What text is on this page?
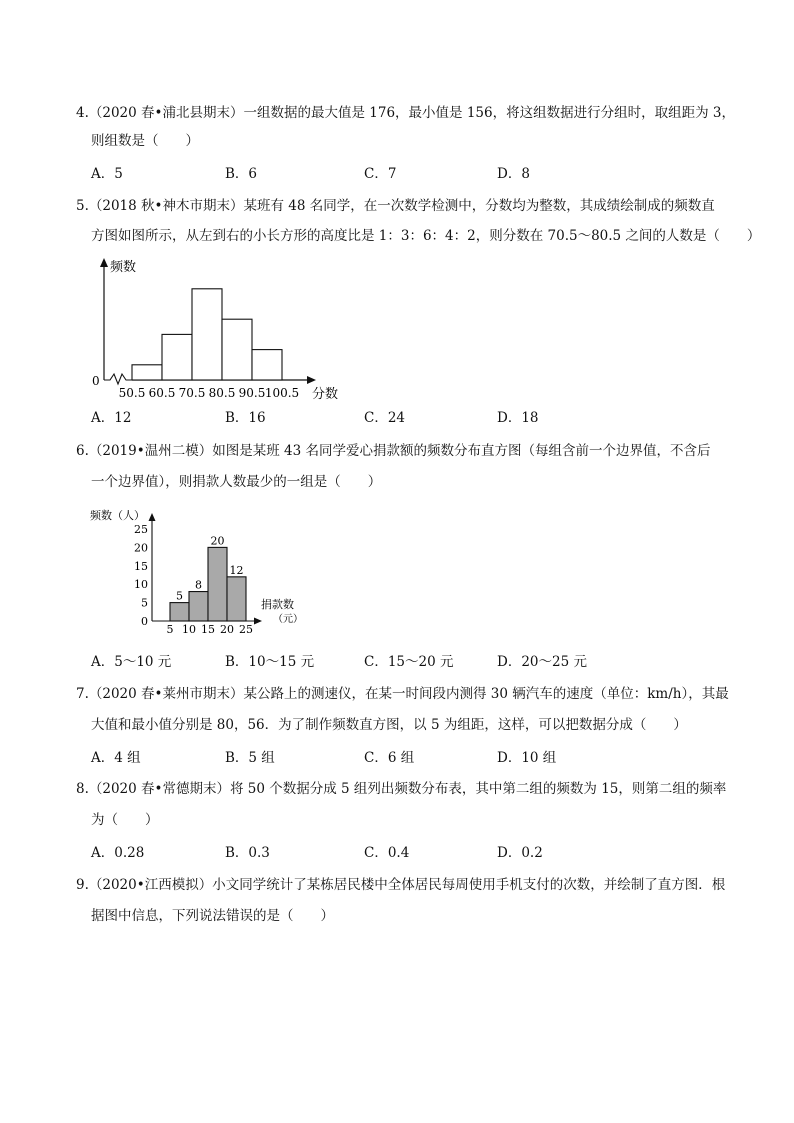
4.（2020 春•浦北县期末）一组数据的最大值是 176，最小值是 156，将这组数据进行分组时，取组距为 3，
则组数是（　　）
A．5	B．6	C．7	D．8
5.（2018 秋•神木市期末）某班有 48 名同学，在一次数学检测中，分数均为整数，其成绩绘制成的频数直
方图如图所示，从左到右的小长方形的高度比是 1：3：6：4：2，则分数在 70.5～80.5 之间的人数是（　　）
频数
0
分数
50.5 60.5 70.5 80.5 90.5 100.5
A．12	B．16	C．24	D．18
6.（2019•温州二模）如图是某班 43 名同学爱心捐款额的频数分布直方图（每组含前一个边界值，不含后
一个边界值），则捐款人数最少的一组是（　　）
频数（人）
捐款数
（元）
0
5
10
15
20
25
5
8
20
12
5 10 15 20 25
A．5～10 元	B．10～15 元	C．15～20 元	D．20～25 元
7.（2020 春•莱州市期末）某公路上的测速仪，在某一时间段内测得 30 辆汽车的速度（单位：km/h），其最
大值和最小值分别是 80，56．为了制作频数直方图，以 5 为组距，这样，可以把数据分成（　　）
A．4 组	B．5 组	C．6 组	D．10 组
8.（2020 春•常德期末）将 50 个数据分成 5 组列出频数分布表，其中第二组的频数为 15，则第二组的频率
为（　　）
A．0.28	B．0.3	C．0.4	D．0.2
9.（2020•江西模拟）小文同学统计了某栋居民楼中全体居民每周使用手机支付的次数，并绘制了直方图．根
据图中信息，下列说法错误的是（　　）
